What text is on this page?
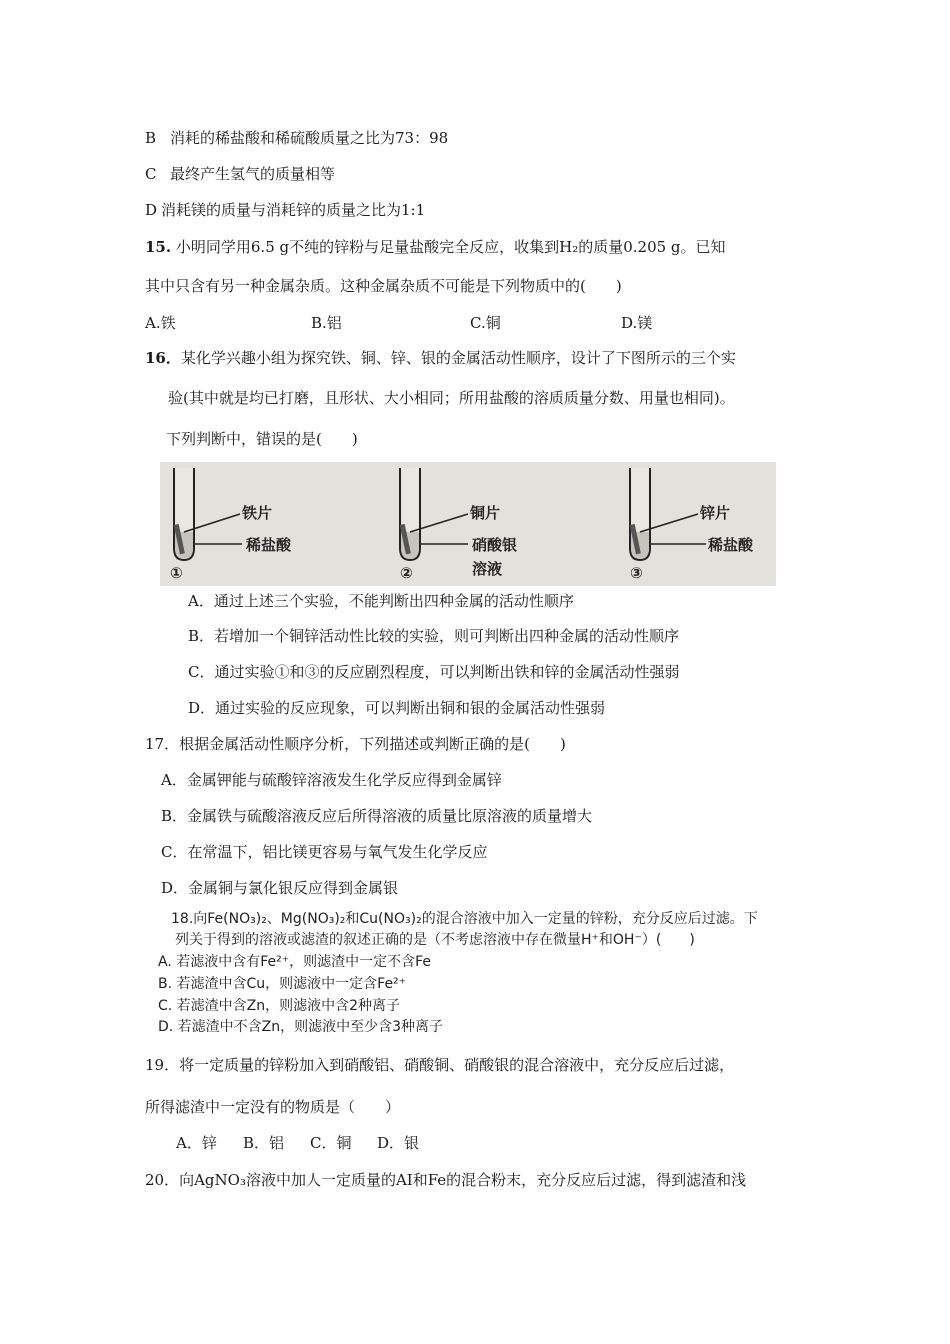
B 消耗的稀盐酸和稀硫酸质量之比为73：98
C 最终产生氢气的质量相等
D 消耗镁的质量与消耗锌的质量之比为1:1
15. 小明同学用6.5 g不纯的锌粉与足量盐酸完全反应，收集到H₂的质量0.205 g。已知
其中只含有另一种金属杂质。这种金属杂质不可能是下列物质中的(　　)
A.铁	B.铝	C.铜	D.镁
16．某化学兴趣小组为探究铁、铜、锌、银的金属活动性顺序，设计了下图所示的三个实
验(其中就是均已打磨，且形状、大小相同；所用盐酸的溶质质量分数、用量也相同)。
下列判断中，错误的是(　　)
铁片
稀盐酸
①
铜片
硝酸银
溶液
②
锌片
稀盐酸
③
A．通过上述三个实验，不能判断出四种金属的活动性顺序
B．若增加一个铜锌活动性比较的实验，则可判断出四种金属的活动性顺序
C．通过实验①和③的反应剧烈程度，可以判断出铁和锌的金属活动性强弱
D．通过实验的反应现象，可以判断出铜和银的金属活动性强弱
17．根据金属活动性顺序分析，下列描述或判断正确的是(　　)
A．金属钾能与硫酸锌溶液发生化学反应得到金属锌
B．金属铁与硫酸溶液反应后所得溶液的质量比原溶液的质量增大
C．在常温下，铝比镁更容易与氧气发生化学反应
D．金属铜与氯化银反应得到金属银
18.向Fe(NO₃)₂、Mg(NO₃)₂和Cu(NO₃)₂的混合溶液中加入一定量的锌粉，充分反应后过滤。下
列关于得到的溶液或滤渣的叙述正确的是（不考虑溶液中存在微量H⁺和OH⁻）(　　)
A. 若滤液中含有Fe²⁺，则滤渣中一定不含Fe
B. 若滤渣中含Cu，则滤液中一定含Fe²⁺
C. 若滤渣中含Zn，则滤液中含2种离子
D. 若滤渣中不含Zn，则滤液中至少含3种离子
19．将一定质量的锌粉加入到硝酸铝、硝酸铜、硝酸银的混合溶液中，充分反应后过滤，
所得滤渣中一定没有的物质是（　　）
A．锌 B．铝 C．铜 D．银
20．向AgNO₃溶液中加人一定质量的AI和Fe的混合粉末，充分反应后过滤，得到滤渣和浅
